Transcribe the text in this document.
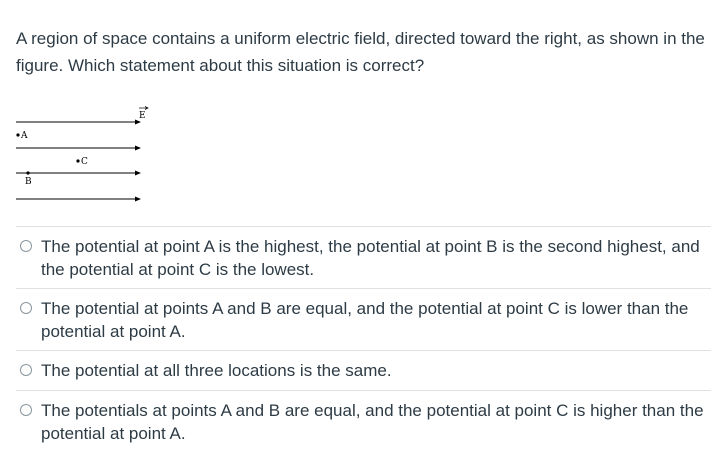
A region of space contains a uniform electric field, directed toward the right, as shown in the figure. Which statement about this situation is correct?
E
A
C
B
The potential at point A is the highest, the potential at point B is the second highest, and the potential at point C is the lowest.
The potential at points A and B are equal, and the potential at point C is lower than the potential at point A.
The potential at all three locations is the same.
The potentials at points A and B are equal, and the potential at point C is higher than the potential at point A.
